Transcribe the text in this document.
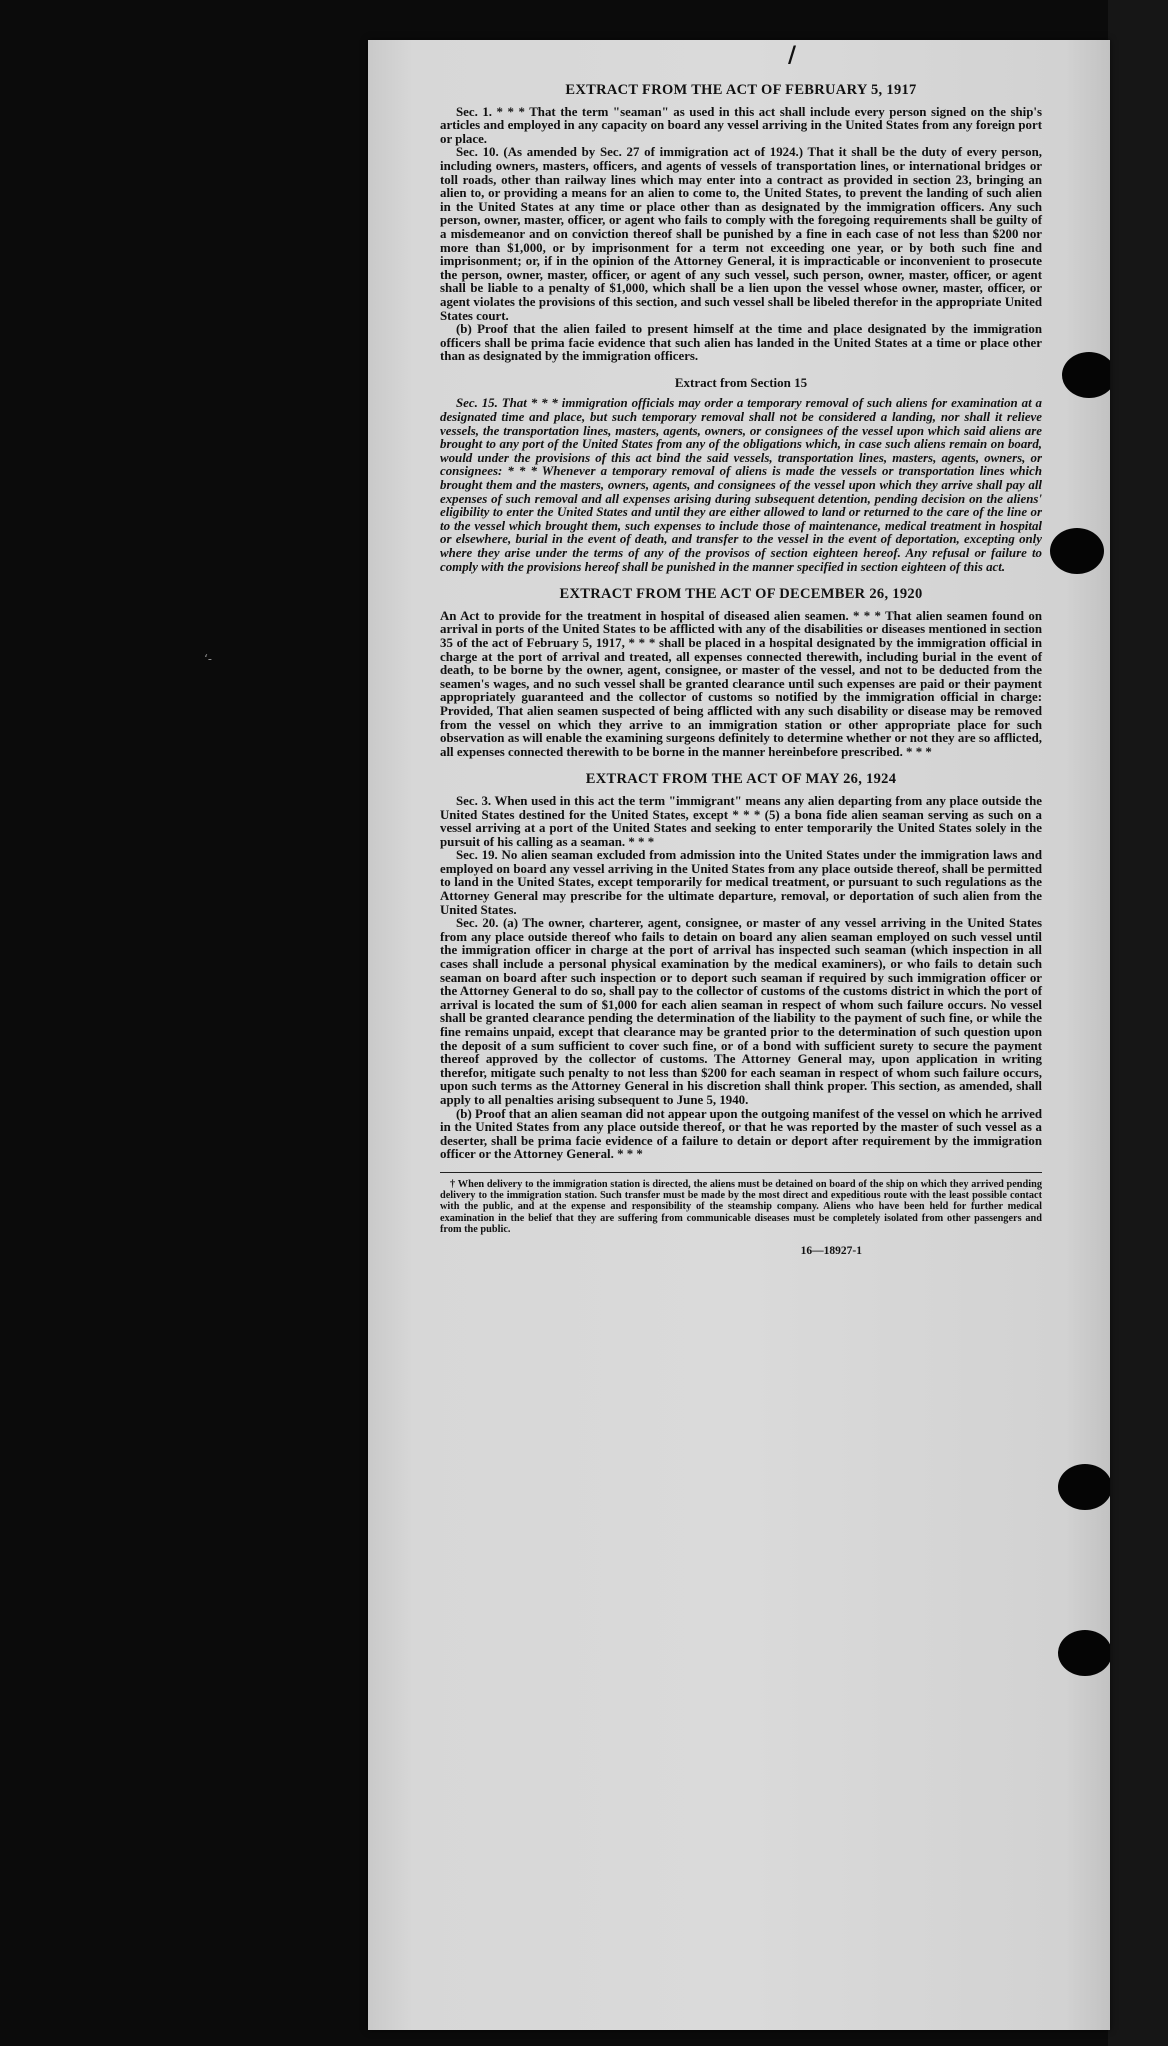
ʻ-
/
EXTRACT FROM THE ACT OF FEBRUARY 5, 1917

Sec. 1. * * * That the term "seaman" as used in this act shall include every person signed on the ship's articles and employed in any capacity on board any vessel arriving in the United States from any foreign port or place.

Sec. 10. (As amended by Sec. 27 of immigration act of 1924.) That it shall be the duty of every person, including owners, masters, officers, and agents of vessels of transportation lines, or international bridges or toll roads, other than railway lines which may enter into a contract as provided in section 23, bringing an alien to, or providing a means for an alien to come to, the United States, to prevent the landing of such alien in the United States at any time or place other than as designated by the immigration officers. Any such person, owner, master, officer, or agent who fails to comply with the foregoing requirements shall be guilty of a misdemeanor and on conviction thereof shall be punished by a fine in each case of not less than $200 nor more than $1,000, or by imprisonment for a term not exceeding one year, or by both such fine and imprisonment; or, if in the opinion of the Attorney General, it is impracticable or inconvenient to prosecute the person, owner, master, officer, or agent of any such vessel, such person, owner, master, officer, or agent shall be liable to a penalty of $1,000, which shall be a lien upon the vessel whose owner, master, officer, or agent violates the provisions of this section, and such vessel shall be libeled therefor in the appropriate United States court.

(b) Proof that the alien failed to present himself at the time and place designated by the immigration officers shall be prima facie evidence that such alien has landed in the United States at a time or place other than as designated by the immigration officers.

Extract from Section 15

Sec. 15. That * * * immigration officials may order a temporary removal of such aliens for examination at a designated time and place, but such temporary removal shall not be considered a landing, nor shall it relieve vessels, the transportation lines, masters, agents, owners, or consignees of the vessel upon which said aliens are brought to any port of the United States from any of the obligations which, in case such aliens remain on board, would under the provisions of this act bind the said vessels, transportation lines, masters, agents, owners, or consignees: * * * Whenever a temporary removal of aliens is made the vessels or transportation lines which brought them and the masters, owners, agents, and consignees of the vessel upon which they arrive shall pay all expenses of such removal and all expenses arising during subsequent detention, pending decision on the aliens' eligibility to enter the United States and until they are either allowed to land or returned to the care of the line or to the vessel which brought them, such expenses to include those of maintenance, medical treatment in hospital or elsewhere, burial in the event of death, and transfer to the vessel in the event of deportation, excepting only where they arise under the terms of any of the provisos of section eighteen hereof. Any refusal or failure to comply with the provisions hereof shall be punished in the manner specified in section eighteen of this act.

EXTRACT FROM THE ACT OF DECEMBER 26, 1920

An Act to provide for the treatment in hospital of diseased alien seamen. * * * That alien seamen found on arrival in ports of the United States to be afflicted with any of the disabilities or diseases mentioned in section 35 of the act of February 5, 1917, * * * shall be placed in a hospital designated by the immigration official in charge at the port of arrival and treated, all expenses connected therewith, including burial in the event of death, to be borne by the owner, agent, consignee, or master of the vessel, and not to be deducted from the seamen's wages, and no such vessel shall be granted clearance until such expenses are paid or their payment appropriately guaranteed and the collector of customs so notified by the immigration official in charge: Provided, That alien seamen suspected of being afflicted with any such disability or disease may be removed from the vessel on which they arrive to an immigration station or other appropriate place for such observation as will enable the examining surgeons definitely to determine whether or not they are so afflicted, all expenses connected therewith to be borne in the manner hereinbefore prescribed. * * *

EXTRACT FROM THE ACT OF MAY 26, 1924

Sec. 3. When used in this act the term "immigrant" means any alien departing from any place outside the United States destined for the United States, except * * * (5) a bona fide alien seaman serving as such on a vessel arriving at a port of the United States and seeking to enter temporarily the United States solely in the pursuit of his calling as a seaman. * * *

Sec. 19. No alien seaman excluded from admission into the United States under the immigration laws and employed on board any vessel arriving in the United States from any place outside thereof, shall be permitted to land in the United States, except temporarily for medical treatment, or pursuant to such regulations as the Attorney General may prescribe for the ultimate departure, removal, or deportation of such alien from the United States.

Sec. 20. (a) The owner, charterer, agent, consignee, or master of any vessel arriving in the United States from any place outside thereof who fails to detain on board any alien seaman employed on such vessel until the immigration officer in charge at the port of arrival has inspected such seaman (which inspection in all cases shall include a personal physical examination by the medical examiners), or who fails to detain such seaman on board after such inspection or to deport such seaman if required by such immigration officer or the Attorney General to do so, shall pay to the collector of customs of the customs district in which the port of arrival is located the sum of $1,000 for each alien seaman in respect of whom such failure occurs. No vessel shall be granted clearance pending the determination of the liability to the payment of such fine, or while the fine remains unpaid, except that clearance may be granted prior to the determination of such question upon the deposit of a sum sufficient to cover such fine, or of a bond with sufficient surety to secure the payment thereof approved by the collector of customs. The Attorney General may, upon application in writing therefor, mitigate such penalty to not less than $200 for each seaman in respect of whom such failure occurs, upon such terms as the Attorney General in his discretion shall think proper. This section, as amended, shall apply to all penalties arising subsequent to June 5, 1940.

(b) Proof that an alien seaman did not appear upon the outgoing manifest of the vessel on which he arrived in the United States from any place outside thereof, or that he was reported by the master of such vessel as a deserter, shall be prima facie evidence of a failure to detain or deport after requirement by the immigration officer or the Attorney General. * * *

† When delivery to the immigration station is directed, the aliens must be detained on board of the ship on which they arrived pending delivery to the immigration station. Such transfer must be made by the most direct and expeditious route with the least possible contact with the public, and at the expense and responsibility of the steamship company. Aliens who have been held for further medical examination in the belief that they are suffering from communicable diseases must be completely isolated from other passengers and from the public.

16—18927-1
